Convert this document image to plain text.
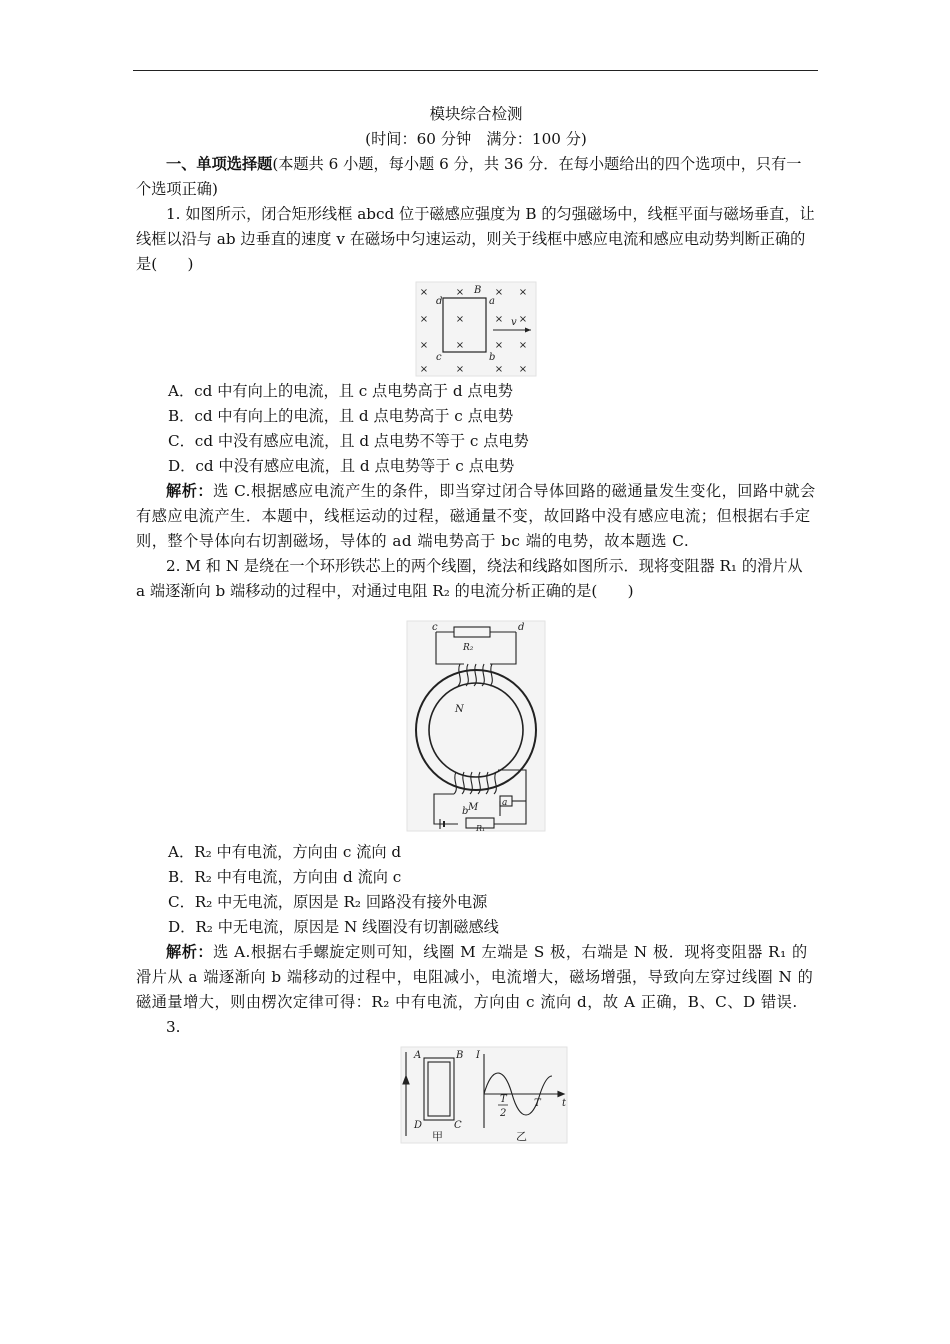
模块综合检测

(时间：60 分钟　满分：100 分)

一、单项选择题(本题共 6 小题，每小题 6 分，共 36 分．在每小题给出的四个选项中，只有一个选项正确)

1. 如图所示，闭合矩形线框 abcd 位于磁感应强度为 B 的匀强磁场中，线框平面与磁场垂直，让线框以沿与 ab 边垂直的速度 v 在磁场中匀速运动，则关于线框中感应电流和感应电动势判断正确的是(　　)

×
×
×
×
×
×
×
×
×
×
×
×
×
×
×
×
B
d	a
c	b
v

A．cd 中有向上的电流，且 c 点电势高于 d 点电势

B．cd 中有向上的电流，且 d 点电势高于 c 点电势

C．cd 中没有感应电流，且 d 点电势不等于 c 点电势

D．cd 中没有感应电流，且 d 点电势等于 c 点电势

解析：选 C.根据感应电流产生的条件，即当穿过闭合导体回路的磁通量发生变化，回路中就会有感应电流产生．本题中，线框运动的过程，磁通量不变，故回路中没有感应电流；但根据右手定则，整个导体向右切割磁场，导体的 ad 端电势高于 bc 端的电势，故本题选 C.

2. M 和 N 是绕在一个环形铁芯上的两个线圈，绕法和线路如图所示．现将变阻器 R₁ 的滑片从 a 端逐渐向 b 端移动的过程中，对通过电阻 R₂ 的电流分析正确的是(　　)

c	d
R₂
N
M	a
b
R₁

A．R₂ 中有电流，方向由 c 流向 d

B．R₂ 中有电流，方向由 d 流向 c

C．R₂ 中无电流，原因是 R₂ 回路没有接外电源

D．R₂ 中无电流，原因是 N 线圈没有切割磁感线

解析：选 A.根据右手螺旋定则可知，线圈 M 左端是 S 极，右端是 N 极．现将变阻器 R₁ 的滑片从 a 端逐渐向 b 端移动的过程中，电阻减小，电流增大，磁场增强，导致向左穿过线圈 N 的磁通量增大，则由楞次定律可得：R₂ 中有电流，方向由 c 流向 d，故 A 正确，B、C、D 错误.

3.

A	B
D	C
I
t
T
2
T
甲	乙
